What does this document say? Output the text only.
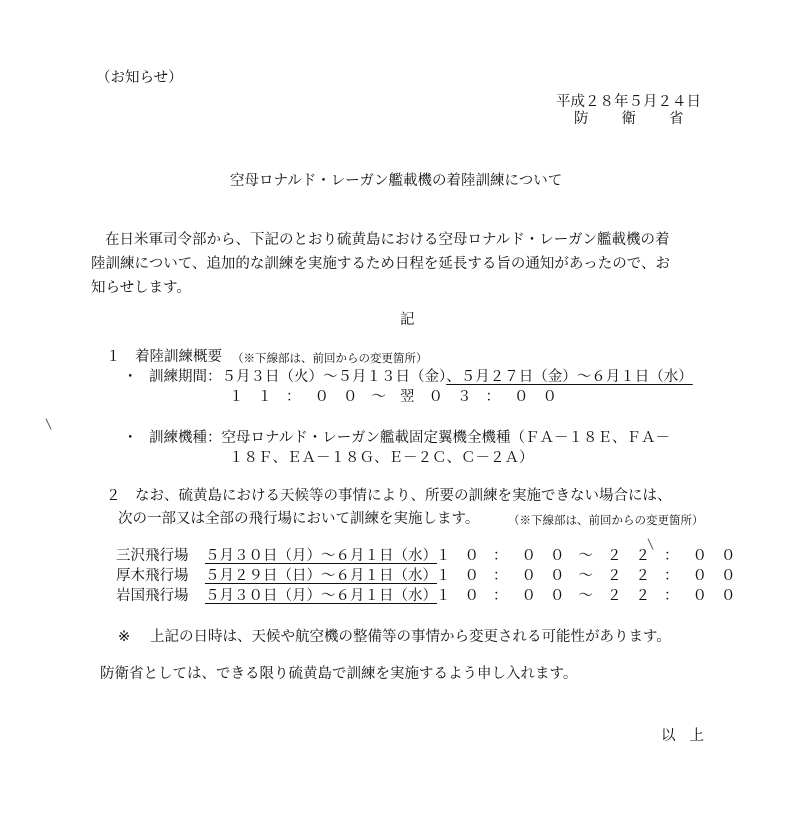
（お知らせ）
平成２８年５月２４日
防衛省
空母ロナルド・レーガン艦載機の着陸訓練について
在日米軍司令部から、下記のとおり硫黄島における空母ロナルド・レーガン艦載機の着
陸訓練について、追加的な訓練を実施するため日程を延長する旨の通知があったので、お
知らせします。
記
１ 着陸訓練概要 （※下線部は、前回からの変更箇所）
・ 訓練期間：５月３日（火）～５月１３日（金）、５月２７日（金）～６月１日（水）
１１：００～翌０３：００
・ 訓練機種：空母ロナルド・レーガン艦載固定翼機全機種（ＦＡ－１８Ｅ、ＦＡ－
１８Ｆ、ＥＡ－１８Ｇ、Ｅ－２Ｃ、Ｃ－２Ａ）
２ なお、硫黄島における天候等の事情により、所要の訓練を実施できない場合には、
次の一部又は全部の飛行場において訓練を実施します。 （※下線部は、前回からの変更箇所）
三沢飛行場 ５月３０日（月）～６月１日（水） １０：００～２２：００
厚木飛行場 ５月２９日（日）～６月１日（水） １０：００～２２：００
岩国飛行場 ５月３０日（月）～６月１日（水） １０：００～２２：００
※ 上記の日時は、天候や航空機の整備等の事情から変更される可能性があります。
防衛省としては、できる限り硫黄島で訓練を実施するよう申し入れます。
以上
